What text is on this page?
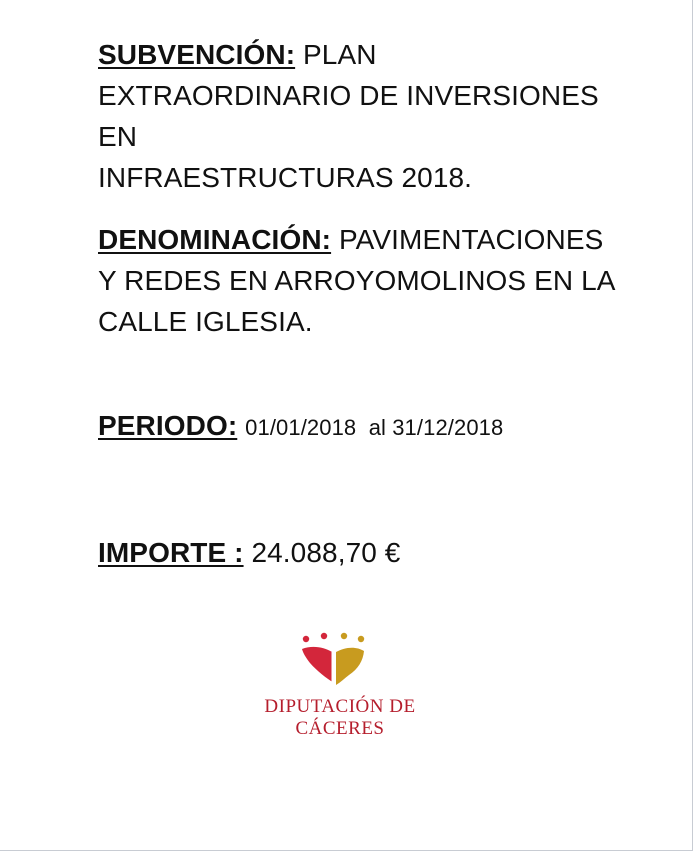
SUBVENCIÓN: PLAN
EXTRAORDINARIO DE INVERSIONES EN
INFRAESTRUCTURAS 2018.
DENOMINACIÓN: PAVIMENTACIONES
Y REDES EN ARROYOMOLINOS EN LA
CALLE IGLESIA.
PERIODO: 01/01/2018  al 31/12/2018
IMPORTE : 24.088,70 €
DIPUTACIÓN DE CÁCERES
